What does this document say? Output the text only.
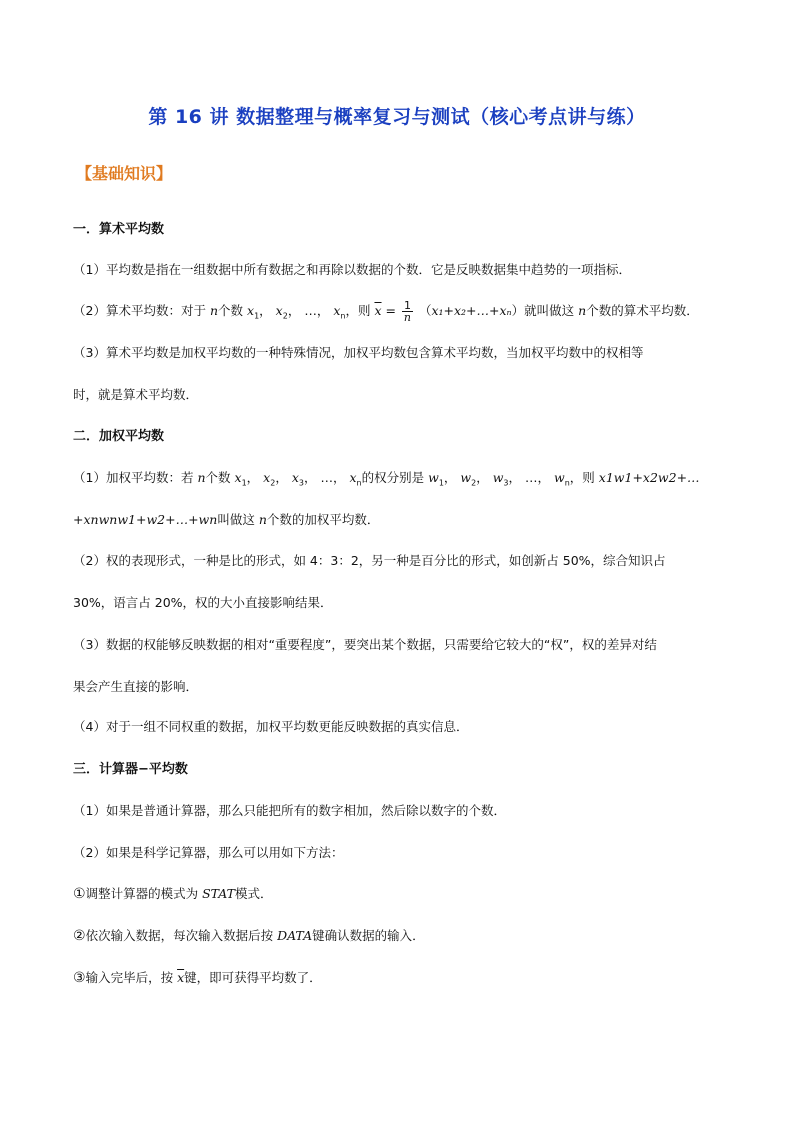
第 16 讲 数据整理与概率复习与测试（核心考点讲与练）
【基础知识】
一．算术平均数
（1）平均数是指在一组数据中所有数据之和再除以数据的个数．它是反映数据集中趋势的一项指标．
（2）算术平均数：对于 n个数 $x_1$， $x_2$， …， $x_n$，则 $\overline{x} = \frac{1}{n}$ （x₁+x₂+…+xₙ）就叫做这 n个数的算术平均数．
（3）算术平均数是加权平均数的一种特殊情况，加权平均数包含算术平均数，当加权平均数中的权相等
时，就是算术平均数．
二．加权平均数
（1）加权平均数：若 n个数 $x_1$， $x_2$， $x_3$， …， $x_n$的权分别是 $w_1$， $w_2$， $w_3$， …， $w_n$，则 x1w1+x2w2+…
+xnwnw1+w2+…+wn叫做这 n个数的加权平均数．
（2）权的表现形式，一种是比的形式，如 4：3：2，另一种是百分比的形式，如创新占 50%，综合知识占
30%，语言占 20%，权的大小直接影响结果．
（3）数据的权能够反映数据的相对“重要程度”，要突出某个数据，只需要给它较大的“权”，权的差异对结
果会产生直接的影响．
（4）对于一组不同权重的数据，加权平均数更能反映数据的真实信息．
三．计算器−平均数
（1）如果是普通计算器，那么只能把所有的数字相加，然后除以数字的个数．
（2）如果是科学记算器，那么可以用如下方法：
①调整计算器的模式为 STAT模式．
②依次输入数据，每次输入数据后按 DATA键确认数据的输入．
③输入完毕后，按 $\overline{x}$键，即可获得平均数了．
